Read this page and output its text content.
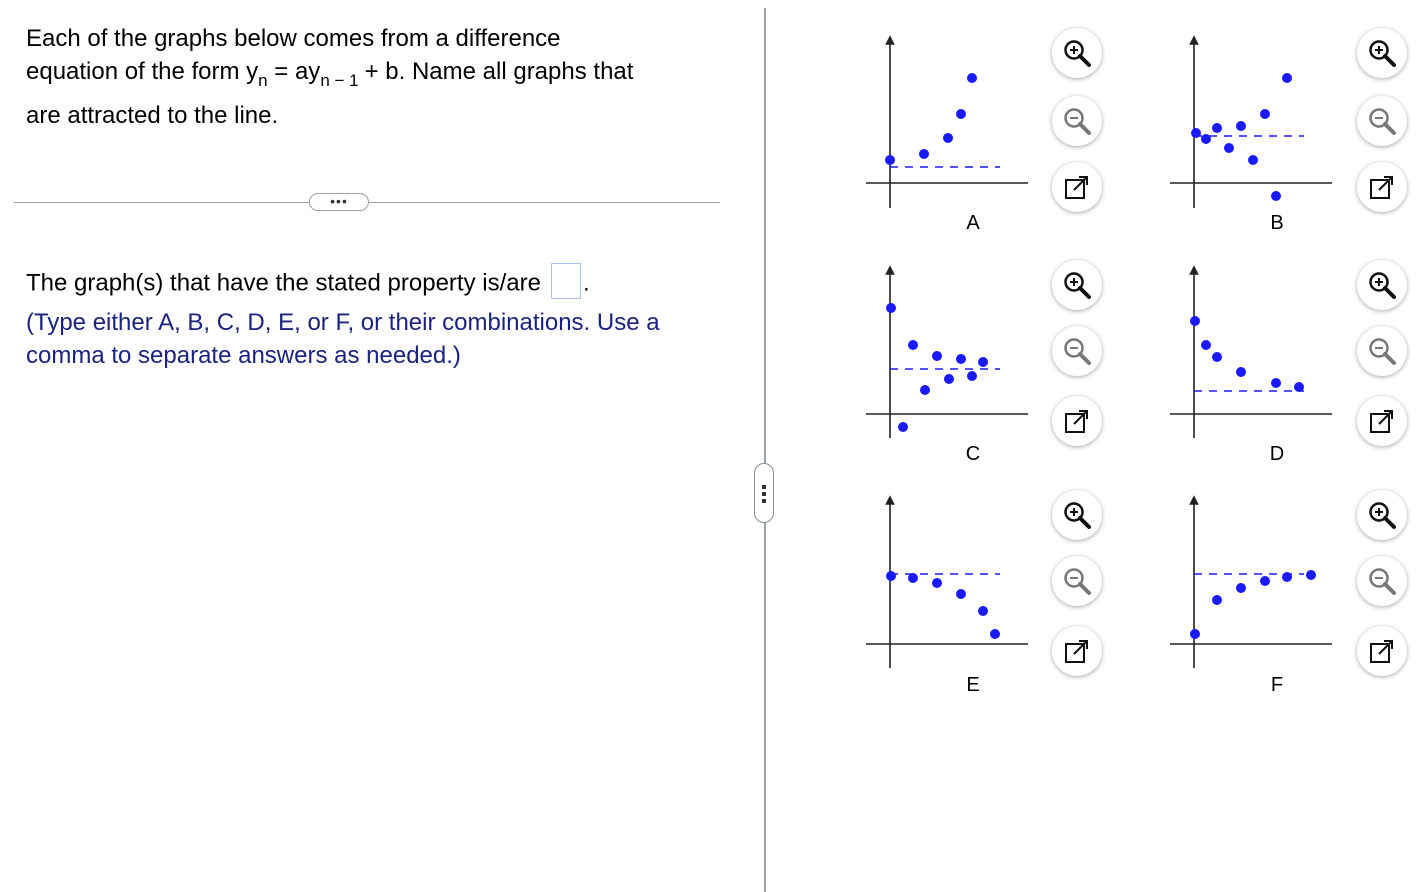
Each of the graphs below comes from a difference
equation of the form $y_n = ay_{n - 1} + b$. Name all graphs that
are attracted to the line.
•••
The graph(s) that have the stated property is/are .
(Type either A, B, C, D, E, or F, or their combinations. Use a comma to separate answers as needed.)
A	B
C	D
E	F
